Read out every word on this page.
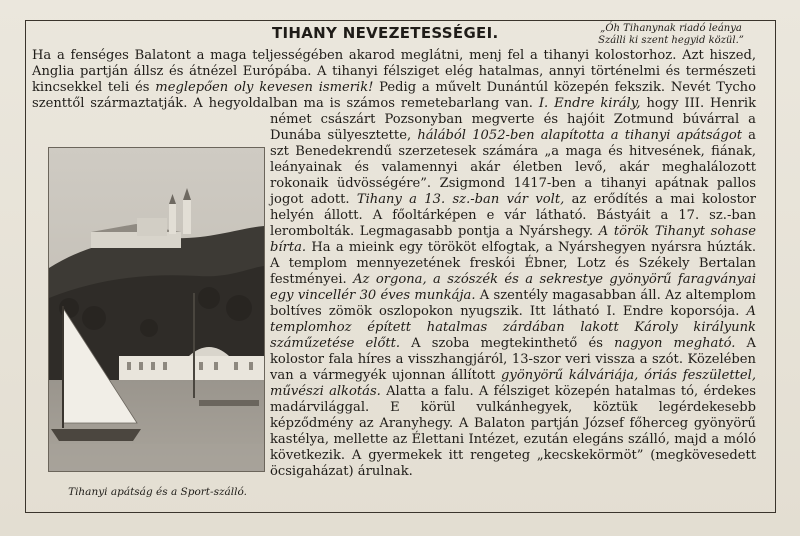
TIHANY NEVEZETESSÉGEI.	„Óh Tihanynak riadó leánya
Szálli ki szent hegyid közül.”

Ha a fenséges Balatont a maga teljességében akarod meglátni, menj fel a tihanyi kolostorhoz. Azt hiszed, Anglia partján állsz és átnézel Európába. A tihanyi félsziget elég hatalmas, annyi történelmi és természeti kincsekkel teli és meglepően oly kevesen ismerik! Pedig a művelt Dunántúl közepén fekszik. Nevét Tycho szenttől származtatják. A hegyoldalban ma is számos remetebarlang van. I. Endre király,
hogy III. Henrik német császárt Pozsonyban megverte és hajóit Zotmund búvárral a Dunába sülyesztette, hálából 1052-ben alapította a tihanyi apátságot a szt Benedekrendű szerzetesek számára „a maga és hitvesének, fiának, leányainak és valamennyi akár életben levő, akár meghalálozott rokonaik üdvösségére”. Zsigmond 1417-ben a tihanyi apátnak pallos jogot adott. Tihany a 13. sz.-ban vár volt, az erődítés a mai kolostor helyén állott. A főoltárképen e vár látható. Bástyáit a 17. sz.-ban lerombolták. Legmagasabb pontja a Nyárshegy. A török Tihanyt sohase bírta. Ha a mieink egy törököt elfogtak, a Nyárshegyen nyársra húzták. A templom mennyezetének freskói Ébner, Lotz és Székely Bertalan festményei. Az orgona, a szószék és a sekrestye gyönyörű faragványai egy vincellér 30 éves munkája. A szentély magasabban áll. Az altemplom boltíves zömök oszlopokon nyugszik. Itt látható I. Endre koporsója. A templomhoz épített hatalmas zárdában lakott Károly királyunk száműzetése előtt. A szoba megtekinthető és nagyon megható. A kolostor fala híres a visszhangjáról, 13-szor veri vissza a szót. Közelében van a vármegyék ujonnan állított gyönyörű kálváriája, óriás feszülettel, művészi alkotás. Alatta a falu. A félsziget közepén hatalmas tó, érdekes madárvilággal. E körül vulkánhegyek, köztük legérdekesebb képződmény az Aranyhegy. A Balaton partján József főherceg gyönyörű kastélya, mellette az Élettani Intézet, ezután elegáns szálló, majd a móló következik. A gyermekek itt rengeteg „kecskekörmöt” (megkövesedett öcsigaházat) árulnak.

Tihanyi apátság és a Sport-szálló.
